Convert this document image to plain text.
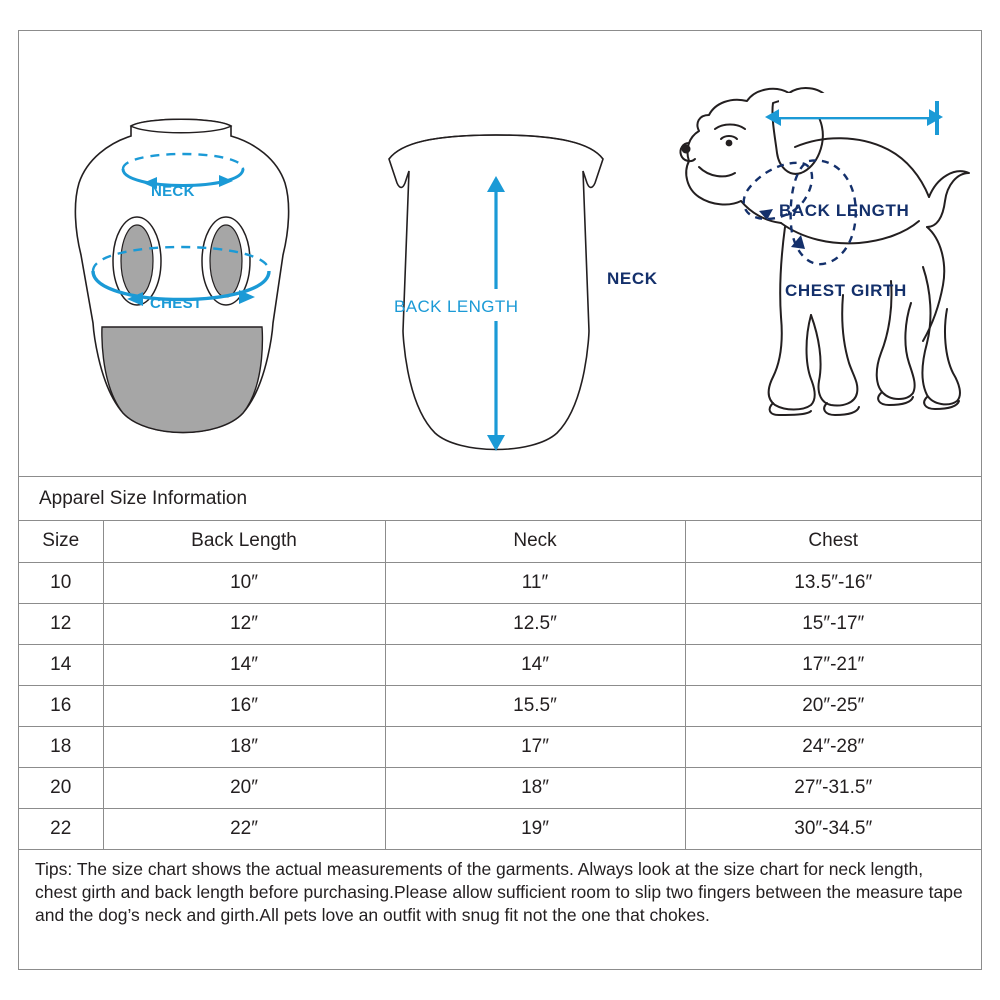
NECK
CHEST	BACK LENGTH
BACK LENGTH
NECK
CHEST GIRTH
Apparel Size Information
Size	Back Length	Neck	Chest
10	10″	11″	13.5″-16″
12	12″	12.5″	15″-17″
14	14″	14″	17″-21″
16	16″	15.5″	20″-25″
18	18″	17″	24″-28″
20	20″	18″	27″-31.5″
22	22″	19″	30″-34.5″
Tips: The size chart shows the actual measurements of the garments. Always look at the size chart for neck length, chest girth and back length before purchasing.Please allow sufficient room to slip two fingers between the measure tape and the dog’s neck and girth.All pets love an outfit with snug fit not the one that chokes.
